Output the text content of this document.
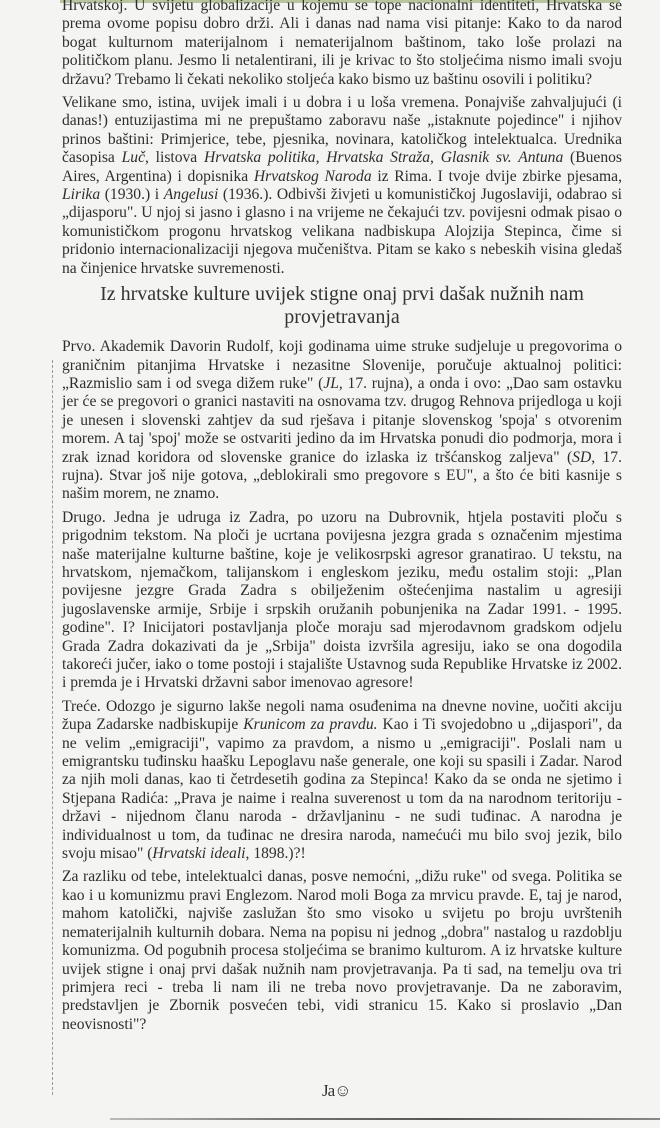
Hrvatskoj. U svijetu globalizacije u kojemu se tope nacionalni identiteti, Hrvatska se prema ovome popisu dobro drži. Ali i danas nad nama visi pitanje: Kako to da narod bogat kulturnom materijalnom i nematerijalnom baštinom, tako loše prolazi na političkom planu. Jesmo li netalentirani, ili je krivac to što stoljećima nismo imali svoju državu? Trebamo li čekati nekoliko stoljeća kako bismo uz baštinu osovili i politiku?

Velikane smo, istina, uvijek imali i u dobra i u loša vremena. Ponajviše zahvaljujući (i danas!) entuzijastima mi ne prepuštamo zaboravu naše „istaknute pojedince" i njihov prinos baštini: Primjerice, tebe, pjesnika, novinara, katoličkog intelektualca. Urednika časopisa Luč, listova Hrvatska politika, Hrvatska Straža, Glasnik sv. Antuna (Buenos Aires, Argentina) i dopisnika Hrvatskog Naroda iz Rima. I tvoje dvije zbirke pjesama, Lirika (1930.) i Angelusi (1936.). Odbivši živjeti u komunističkoj Jugoslaviji, odabrao si „dijasporu". U njoj si jasno i glasno i na vrijeme ne čekajući tzv. povijesni odmak pisao o komunističkom progonu hrvatskog velikana nadbiskupa Alojzija Stepinca, čime si pridonio internacionalizaciji njegova mučeništva. Pitam se kako s nebeskih visina gledaš na činjenice hrvatske suvremenosti.

Iz hrvatske kulture uvijek stigne onaj prvi dašak nužnih nam provjetravanja

Prvo. Akademik Davorin Rudolf, koji godinama uime struke sudjeluje u pregovorima o graničnim pitanjima Hrvatske i nezasitne Slovenije, poručuje aktualnoj politici: „Razmislio sam i od svega dižem ruke" (JL, 17. rujna), a onda i ovo: „Dao sam ostavku jer će se pregovori o granici nastaviti na osnovama tzv. drugog Rehnova prijedloga u koji je unesen i slovenski zahtjev da sud rješava i pitanje slovenskog 'spoja' s otvorenim morem. A taj 'spoj' može se ostvariti jedino da im Hrvatska ponudi dio podmorja, mora i zrak iznad koridora od slovenske granice do izlaska iz tršćanskog zaljeva" (SD, 17. rujna). Stvar još nije gotova, „deblokirali smo pregovore s EU", a što će biti kasnije s našim morem, ne znamo.

Drugo. Jedna je udruga iz Zadra, po uzoru na Dubrovnik, htjela postaviti ploču s prigodnim tekstom. Na ploči je ucrtana povijesna jezgra grada s označenim mjestima naše materijalne kulturne baštine, koje je velikosrpski agresor granatirao. U tekstu, na hrvatskom, njemačkom, talijanskom i engleskom jeziku, među ostalim stoji: „Plan povijesne jezgre Grada Zadra s obilježenim oštećenjima nastalim u agresiji jugoslavenske armije, Srbije i srpskih oružanih pobunjenika na Zadar 1991. - 1995. godine". I? Inicijatori postavljanja ploče moraju sad mjerodavnom gradskom odjelu Grada Zadra dokazivati da je „Srbija" doista izvršila agresiju, iako se ona dogodila takoreći jučer, iako o tome postoji i stajalište Ustavnog suda Republike Hrvatske iz 2002. i premda je i Hrvatski državni sabor imenovao agresore!

Treće. Odozgo je sigurno lakše negoli nama osuđenima na dnevne novine, uočiti akciju župa Zadarske nadbiskupije Krunicom za pravdu. Kao i Ti svojedobno u „dijaspori", da ne velim „emigraciji", vapimo za pravdom, a nismo u „emigraciji". Poslali nam u emigrantsku tuđinsku haašku Lepoglavu naše generale, one koji su spasili i Zadar. Narod za njih moli danas, kao ti četrdesetih godina za Stepinca! Kako da se onda ne sjetimo i Stjepana Radića: „Prava je naime i realna suverenost u tom da na narodnom teritoriju - državi - nijednom članu naroda - državljaninu - ne sudi tuđinac. A narodna je individualnost u tom, da tuđinac ne dresira naroda, namećući mu bilo svoj jezik, bilo svoju misao" (Hrvatski ideali, 1898.)?!

Za razliku od tebe, intelektualci danas, posve nemoćni, „dižu ruke" od svega. Politika se kao i u komunizmu pravi Englezom. Narod moli Boga za mrvicu pravde. E, taj je narod, mahom katolički, najviše zaslužan što smo visoko u svijetu po broju uvrštenih nematerijalnih kulturnih dobara. Nema na popisu ni jednog „dobra" nastalog u razdoblju komunizma. Od pogubnih procesa stoljećima se branimo kulturom. A iz hrvatske kulture uvijek stigne i onaj prvi dašak nužnih nam provjetravanja. Pa ti sad, na temelju ova tri primjera reci - treba li nam ili ne treba novo provjetravanje. Da ne zaboravim, predstavljen je Zbornik posvećen tebi, vidi stranicu 15. Kako si proslavio „Dan neovisnosti"?

Ja☺
